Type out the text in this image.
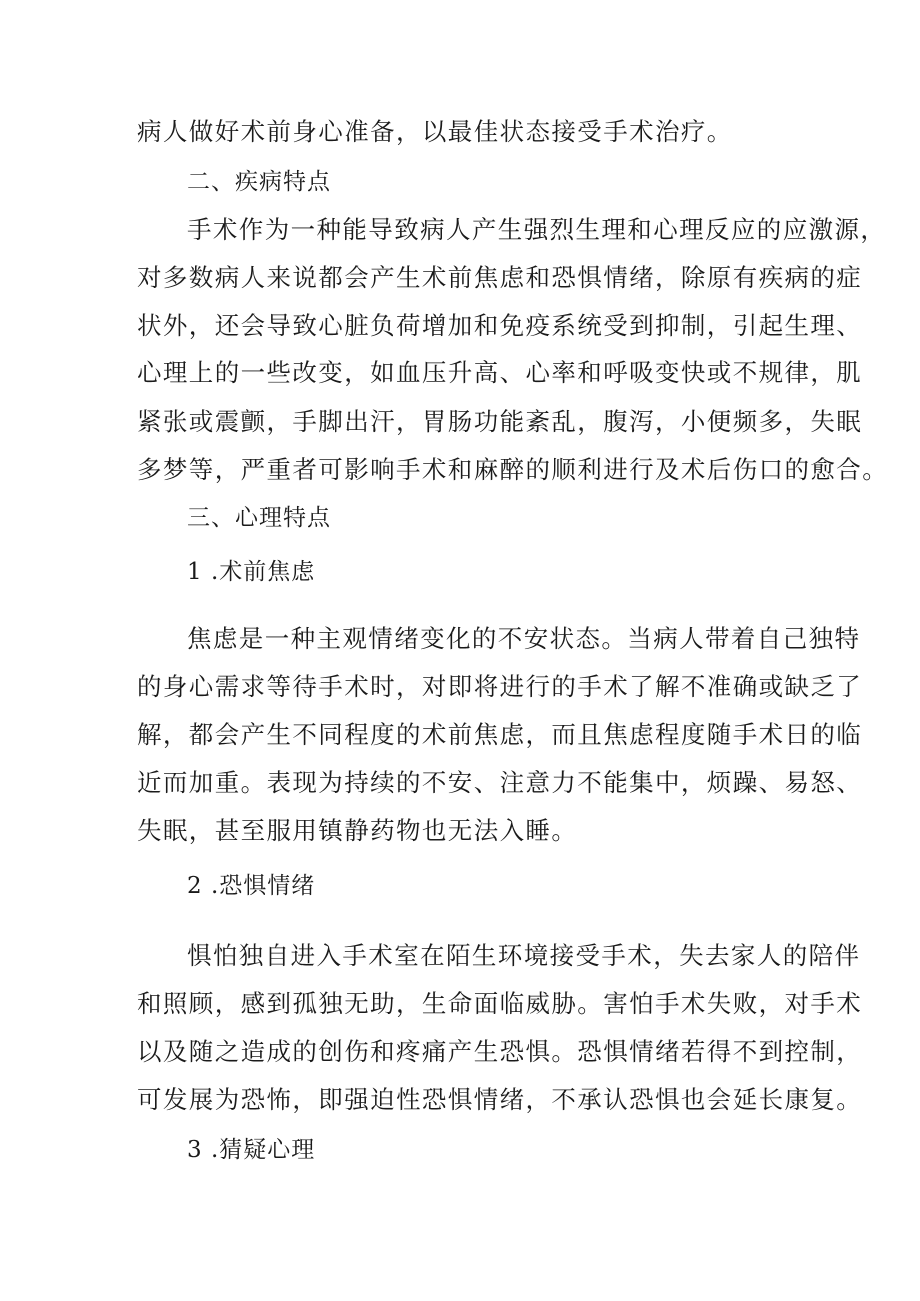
病人做好术前身心准备，以最佳状态接受手术治疗。
二、疾病特点
手术作为一种能导致病人产生强烈生理和心理反应的应激源，
对多数病人来说都会产生术前焦虑和恐惧情绪，除原有疾病的症
状外，还会导致心脏负荷增加和免疫系统受到抑制，引起生理、
心理上的一些改变，如血压升高、心率和呼吸变快或不规律，肌
紧张或震颤，手脚出汗，胃肠功能紊乱，腹泻，小便频多，失眠
多梦等，严重者可影响手术和麻醉的顺利进行及术后伤口的愈合。
三、心理特点
1 .术前焦虑
焦虑是一种主观情绪变化的不安状态。当病人带着自己独特
的身心需求等待手术时，对即将进行的手术了解不准确或缺乏了
解，都会产生不同程度的术前焦虑，而且焦虑程度随手术日的临
近而加重。表现为持续的不安、注意力不能集中，烦躁、易怒、
失眠，甚至服用镇静药物也无法入睡。
2 .恐惧情绪
惧怕独自进入手术室在陌生环境接受手术，失去家人的陪伴
和照顾，感到孤独无助，生命面临威胁。害怕手术失败，对手术
以及随之造成的创伤和疼痛产生恐惧。恐惧情绪若得不到控制，
可发展为恐怖，即强迫性恐惧情绪，不承认恐惧也会延长康复。
3 .猜疑心理
